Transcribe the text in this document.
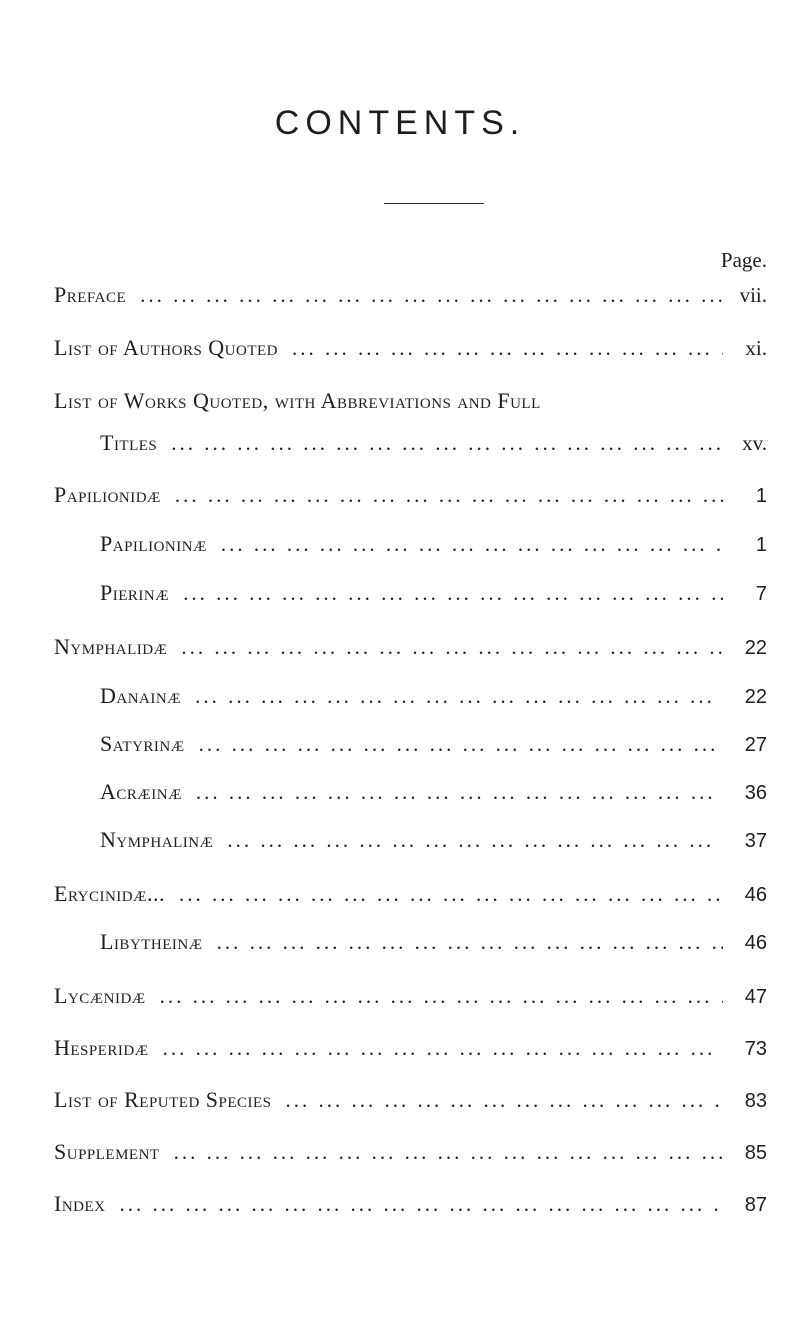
CONTENTS.
Page.
Preface ... .	vii.
List of Authors Quoted ... .	xi.
List of Works Quoted, with Abbreviations and Full
Titles ... .	xv.
Papilionidæ ... .	1
Papilioninæ ... .	1
Pierinæ ... .	7
Nymphalidæ ... .	22
Danainæ ... .	22
Satyrinæ ... .	27
Acræinæ ... .	36
Nymphalinæ ... .	37
Erycinidæ... ... .	46
Libytheinæ ... .	46
Lycænidæ ... .	47
Hesperidæ ... .	73
List of Reputed Species ... .	83
Supplement ... .	85
Index ... .	87
